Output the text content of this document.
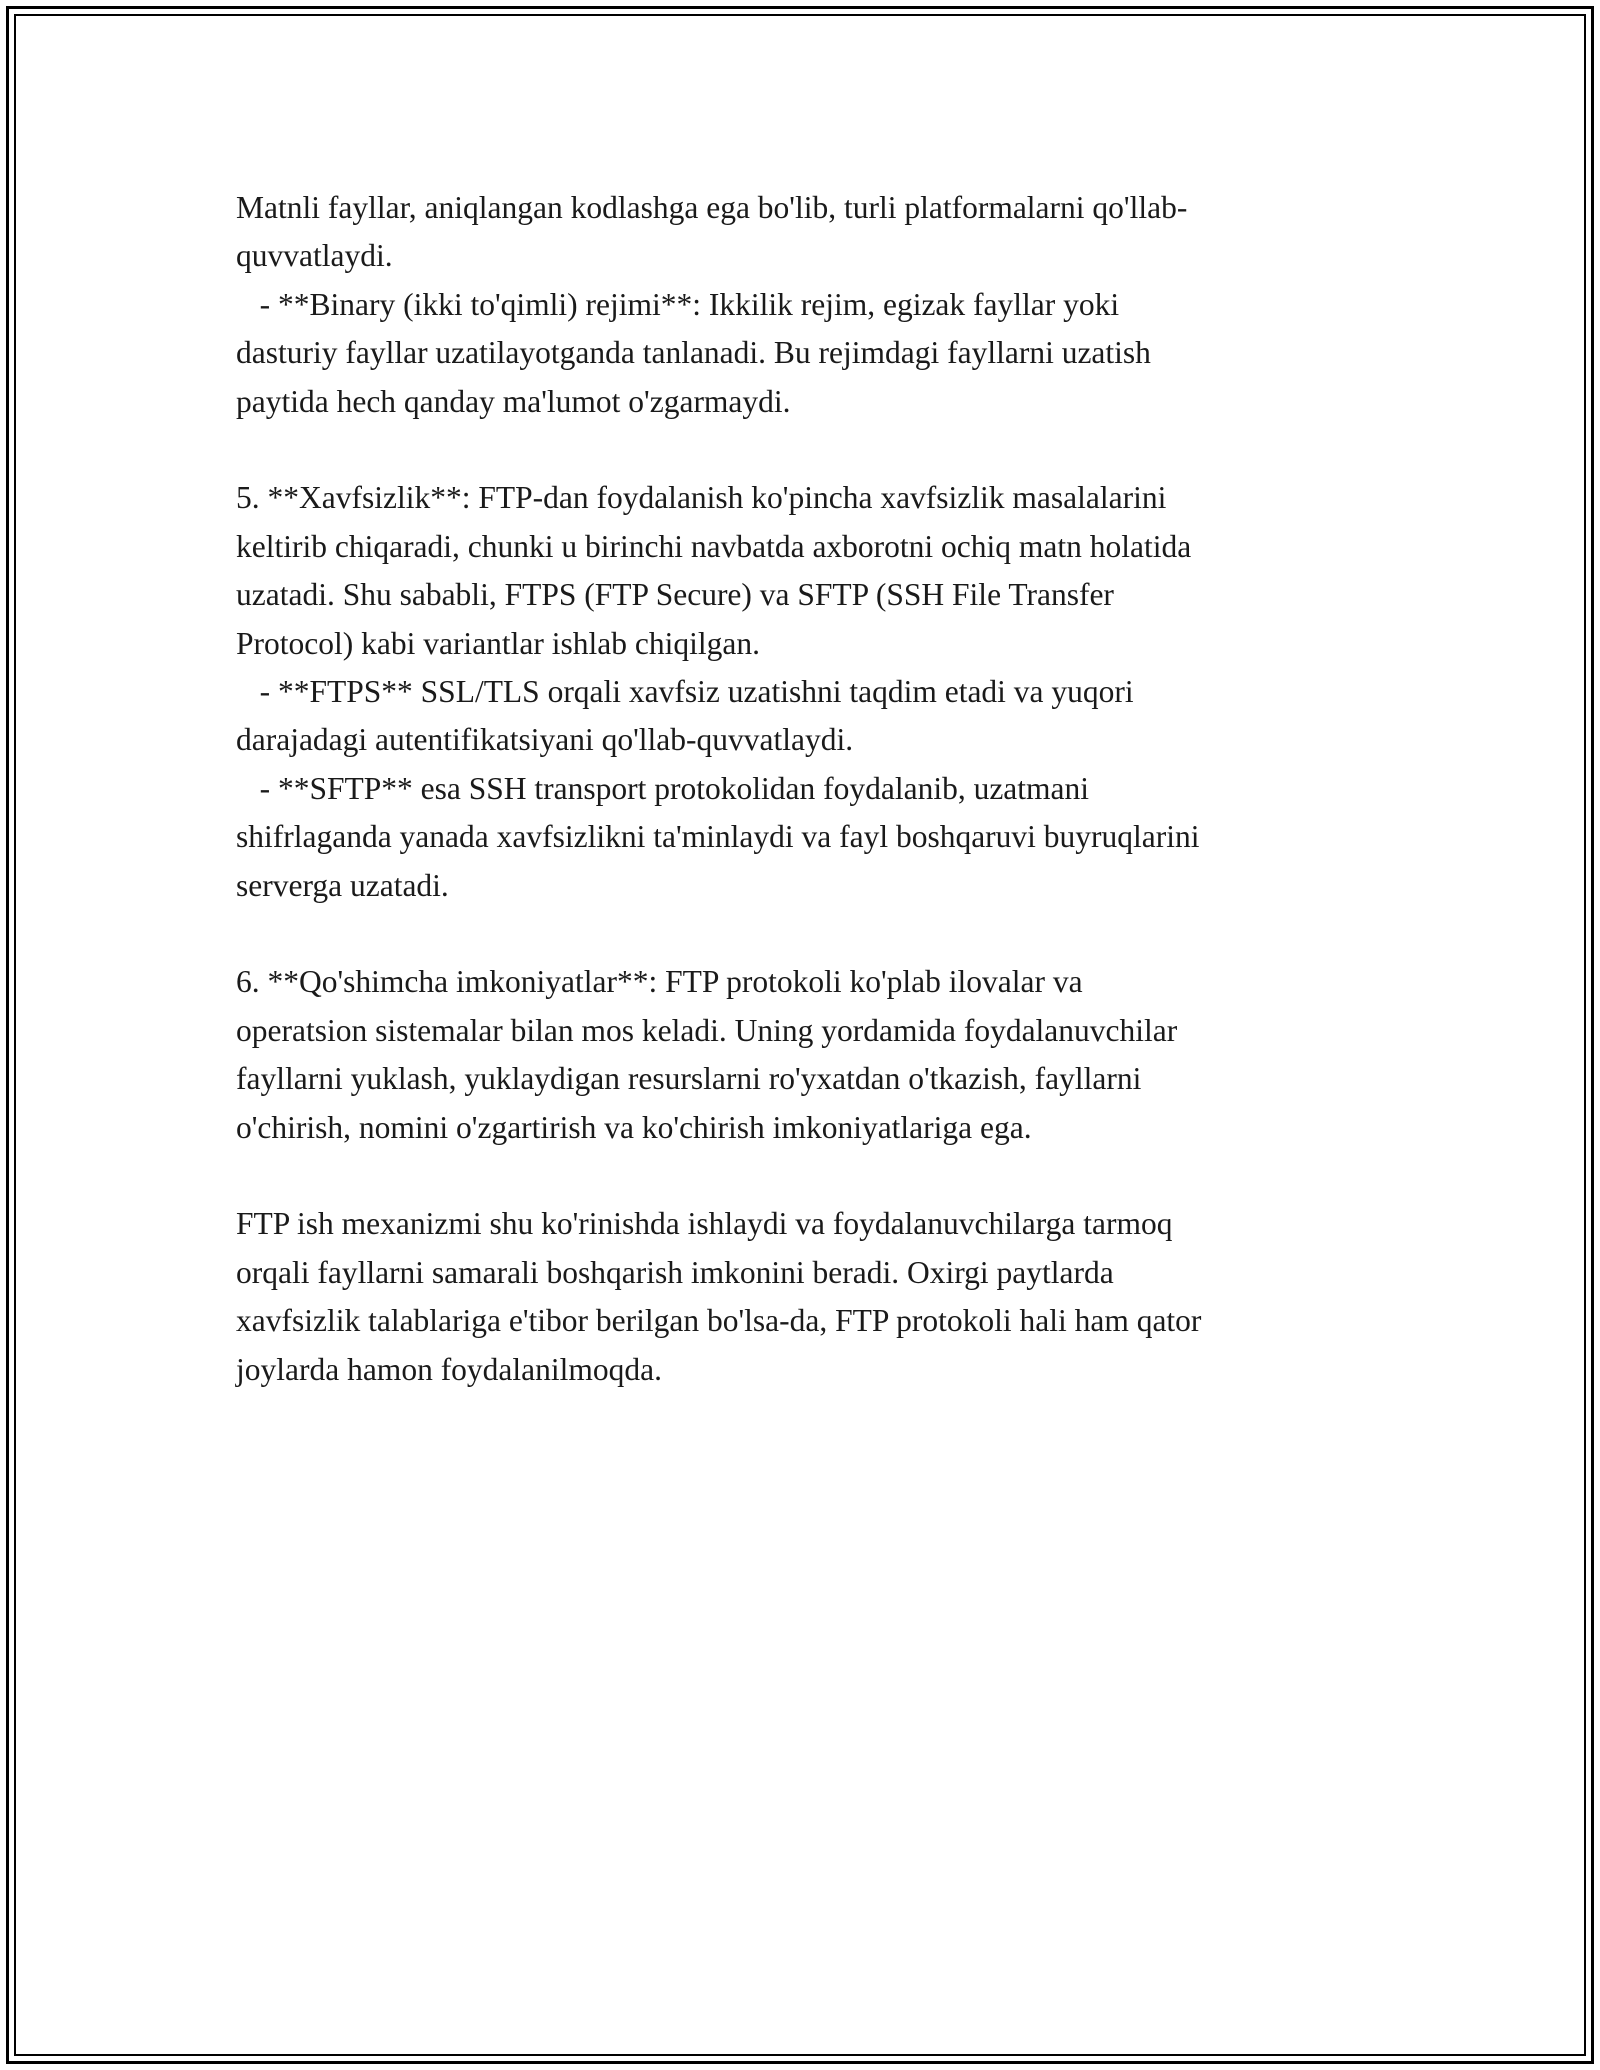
Matnli fayllar, aniqlangan kodlashga ega bo'lib, turli platformalarni qo'llab-
quvvatlaydi.
- **Binary (ikki to'qimli) rejimi**: Ikkilik rejim, egizak fayllar yoki
dasturiy fayllar uzatilayotganda tanlanadi. Bu rejimdagi fayllarni uzatish
paytida hech qanday ma'lumot o'zgarmaydi.

5. **Xavfsizlik**: FTP-dan foydalanish ko'pincha xavfsizlik masalalarini
keltirib chiqaradi, chunki u birinchi navbatda axborotni ochiq matn holatida
uzatadi. Shu sababli, FTPS (FTP Secure) va SFTP (SSH File Transfer
Protocol) kabi variantlar ishlab chiqilgan.
- **FTPS** SSL/TLS orqali xavfsiz uzatishni taqdim etadi va yuqori
darajadagi autentifikatsiyani qo'llab-quvvatlaydi.
- **SFTP** esa SSH transport protokolidan foydalanib, uzatmani
shifrlaganda yanada xavfsizlikni ta'minlaydi va fayl boshqaruvi buyruqlarini
serverga uzatadi.

6. **Qo'shimcha imkoniyatlar**: FTP protokoli ko'plab ilovalar va
operatsion sistemalar bilan mos keladi. Uning yordamida foydalanuvchilar
fayllarni yuklash, yuklaydigan resurslarni ro'yxatdan o'tkazish, fayllarni
o'chirish, nomini o'zgartirish va ko'chirish imkoniyatlariga ega.

FTP ish mexanizmi shu ko'rinishda ishlaydi va foydalanuvchilarga tarmoq
orqali fayllarni samarali boshqarish imkonini beradi. Oxirgi paytlarda
xavfsizlik talablariga e'tibor berilgan bo'lsa-da, FTP protokoli hali ham qator
joylarda hamon foydalanilmoqda.
